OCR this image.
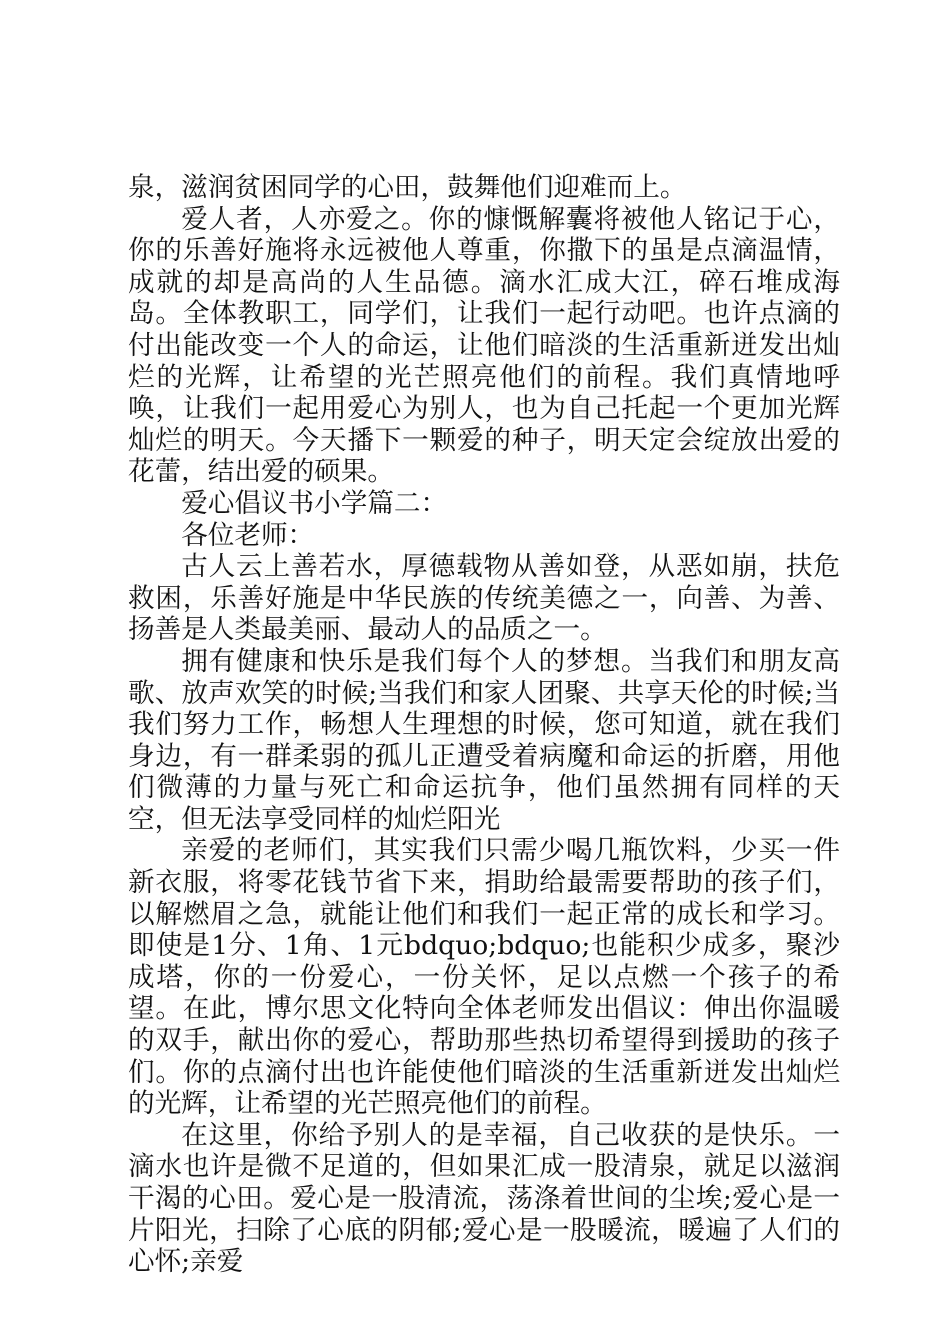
泉，滋润贫困同学的心田，鼓舞他们迎难而上。

爱人者，人亦爱之。你的慷慨解囊将被他人铭记于心，你的乐善好施将永远被他人尊重，你撒下的虽是点滴温情，成就的却是高尚的人生品德。滴水汇成大江，碎石堆成海岛。全体教职工，同学们，让我们一起行动吧。也许点滴的付出能改变一个人的命运，让他们暗淡的生活重新迸发出灿烂的光辉，让希望的光芒照亮他们的前程。我们真情地呼唤，让我们一起用爱心为别人，也为自己托起一个更加光辉灿烂的明天。今天播下一颗爱的种子，明天定会绽放出爱的花蕾，结出爱的硕果。

爱心倡议书小学篇二：

各位老师：

古人云上善若水，厚德载物从善如登，从恶如崩，扶危救困，乐善好施是中华民族的传统美德之一，向善、为善、扬善是人类最美丽、最动人的品质之一。

拥有健康和快乐是我们每个人的梦想。当我们和朋友高歌、放声欢笑的时候;当我们和家人团聚、共享天伦的时候;当我们努力工作，畅想人生理想的时候，您可知道，就在我们身边，有一群柔弱的孤儿正遭受着病魔和命运的折磨，用他们微薄的力量与死亡和命运抗争，他们虽然拥有同样的天空，但无法享受同样的灿烂阳光

亲爱的老师们，其实我们只需少喝几瓶饮料，少买一件新衣服，将零花钱节省下来，捐助给最需要帮助的孩子们，以解燃眉之急，就能让他们和我们一起正常的成长和学习。即使是1分、1角、1元bdquo;bdquo;也能积少成多，聚沙成塔，你的一份爱心，一份关怀，足以点燃一个孩子的希望。在此，博尔思文化特向全体老师发出倡议：伸出你温暖的双手，献出你的爱心，帮助那些热切希望得到援助的孩子们。你的点滴付出也许能使他们暗淡的生活重新迸发出灿烂的光辉，让希望的光芒照亮他们的前程。

在这里，你给予别人的是幸福，自己收获的是快乐。一滴水也许是微不足道的，但如果汇成一股清泉，就足以滋润干渴的心田。爱心是一股清流，荡涤着世间的尘埃;爱心是一片阳光，扫除了心底的阴郁;爱心是一股暖流，暖遍了人们的心怀;亲爱
